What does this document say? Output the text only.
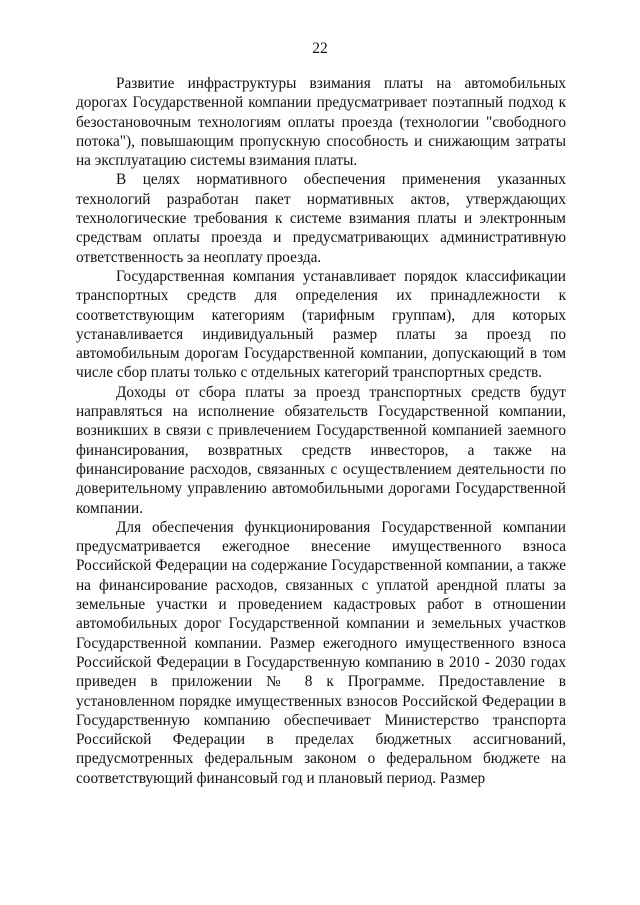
22

Развитие инфраструктуры взимания платы на автомобильных дорогах Государственной компании предусматривает поэтапный подход к безостановочным технологиям оплаты проезда (технологии "свободного потока"), повышающим пропускную способность и снижающим затраты на эксплуатацию системы взимания платы.

В целях нормативного обеспечения применения указанных технологий разработан пакет нормативных актов, утверждающих технологические требования к системе взимания платы и электронным средствам оплаты проезда и предусматривающих административную ответственность за неоплату проезда.

Государственная компания устанавливает порядок классификации транспортных средств для определения их принадлежности к соответствующим категориям (тарифным группам), для которых устанавливается индивидуальный размер платы за проезд по автомобильным дорогам Государственной компании, допускающий в том числе сбор платы только с отдельных категорий транспортных средств.

Доходы от сбора платы за проезд транспортных средств будут направляться на исполнение обязательств Государственной компании, возникших в связи с привлечением Государственной компанией заемного финансирования, возвратных средств инвесторов, а также на финансирование расходов, связанных с осуществлением деятельности по доверительному управлению автомобильными дорогами Государственной компании.

Для обеспечения функционирования Государственной компании предусматривается ежегодное внесение имущественного взноса Российской Федерации на содержание Государственной компании, а также на финансирование расходов, связанных с уплатой арендной платы за земельные участки и проведением кадастровых работ в отношении автомобильных дорог Государственной компании и земельных участков Государственной компании. Размер ежегодного имущественного взноса Российской Федерации в Государственную компанию в 2010 - 2030 годах приведен в приложении № 8 к Программе. Предоставление в установленном порядке имущественных взносов Российской Федерации в Государственную компанию обеспечивает Министерство транспорта Российской Федерации в пределах бюджетных ассигнований, предусмотренных федеральным законом о федеральном бюджете на соответствующий финансовый год и плановый период. Размер
